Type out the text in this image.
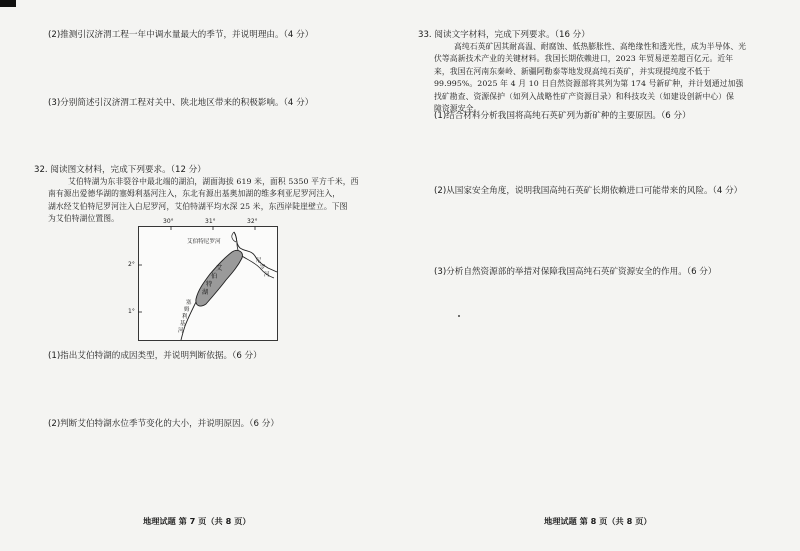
(2)推测引汉济渭工程一年中调水量最大的季节，并说明理由。（4 分）
(3)分别简述引汉济渭工程对关中、陕北地区带来的积极影响。（4 分）
32. 阅读图文材料，完成下列要求。（12 分）
艾伯特湖为东非裂谷中最北端的湖泊，湖面海拔 619 米，面积 5350 平方千米，西
南有源出爱德华湖的塞姆利基河注入，东北有源出基奥加湖的维多利亚尼罗河注入，
湖水经艾伯特尼罗河注入白尼罗河，艾伯特湖平均水深 25 米，东西岸陡崖壁立。下图
为艾伯特湖位置图。
艾伯特尼罗河
艾
伯
特
湖
塞
姆
利
基
河
尼
罗
河
30°	31°	32°
2°
1°
(1)指出艾伯特湖的成因类型，并说明判断依据。（6 分）
(2)判断艾伯特湖水位季节变化的大小，并说明原因。（6 分）
地理试题 第 7 页（共 8 页）
33. 阅读文字材料，完成下列要求。（16 分）
高纯石英矿因其耐高温、耐腐蚀、低热膨胀性、高绝缘性和透光性，成为半导体、光
伏等高新技术产业的关键材料。我国长期依赖进口，2023 年贸易逆差超百亿元。近年
来，我国在河南东秦岭、新疆阿勒泰等地发现高纯石英矿，并实现提纯度不低于
99.995%。2025 年 4 月 10 日自然资源部将其列为第 174 号新矿种，并计划通过加强
找矿勘查、资源保护（如列入战略性矿产资源目录）和科技攻关（如建设创新中心）保
障资源安全。
(1)结合材料分析我国将高纯石英矿列为新矿种的主要原因。（6 分）
(2)从国家安全角度，说明我国高纯石英矿长期依赖进口可能带来的风险。（4 分）
(3)分析自然资源部的举措对保障我国高纯石英矿资源安全的作用。（6 分）
地理试题 第 8 页（共 8 页）
